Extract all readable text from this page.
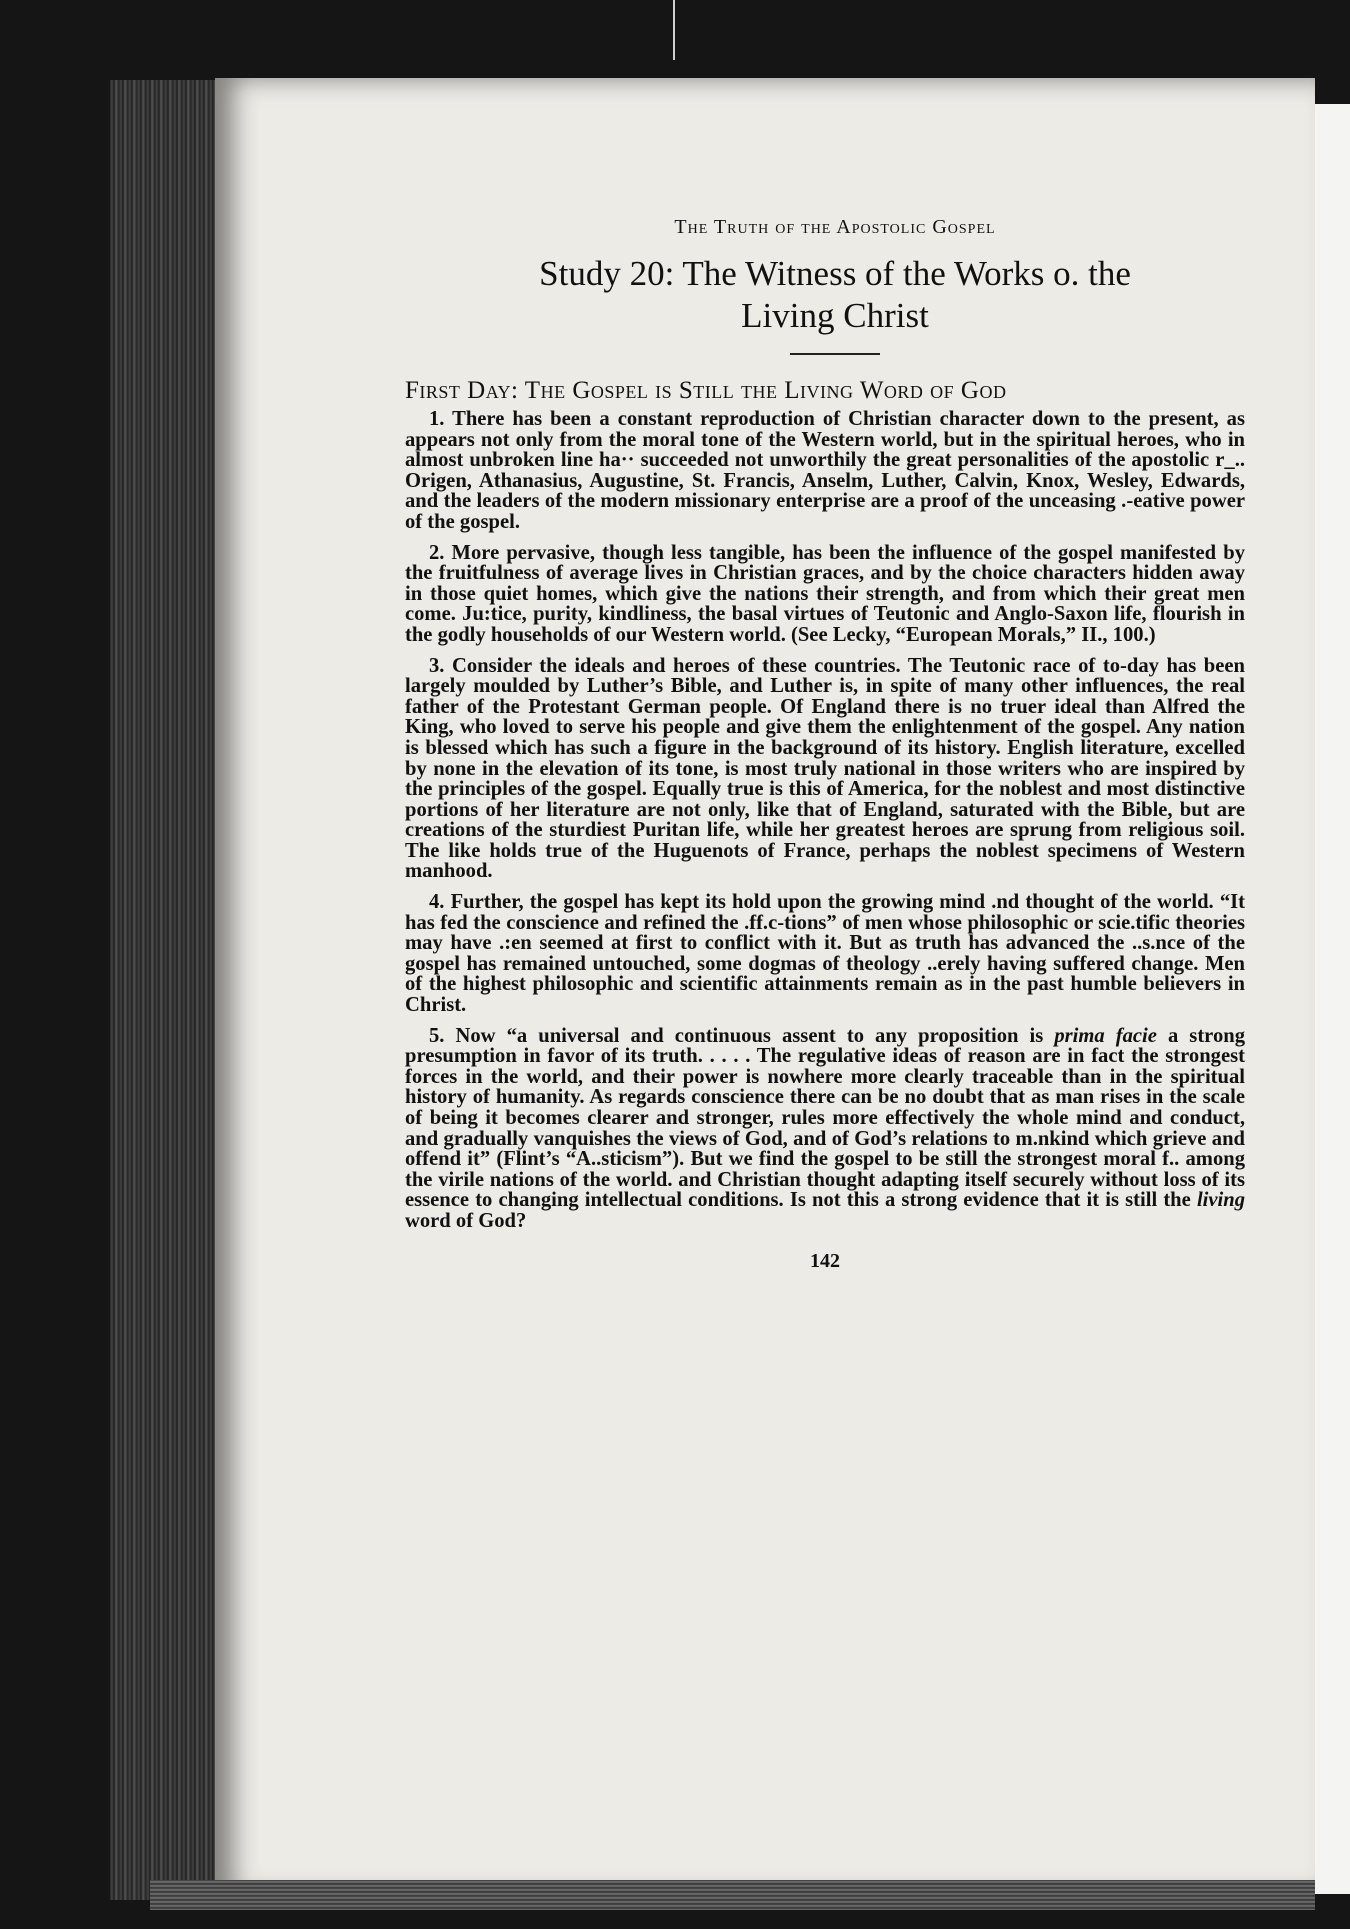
The Truth of the Apostolic Gospel
Study 20: The Witness of the Works o. the
Living Christ
First Day: The Gospel is Still the Living Word of God

1. There has been a constant reproduction of Christian character down to the present, as appears not only from the moral tone of the Western world, but in the spiritual heroes, who in almost unbroken line ha·· succeeded not unworthily the great personalities of the apostolic r_.. Origen, Athanasius, Augustine, St. Francis, Anselm, Luther, Calvin, Knox, Wesley, Edwards, and the leaders of the modern missionary enterprise are a proof of the unceasing .-eative power of the gospel.

2. More pervasive, though less tangible, has been the influence of the gospel manifested by the fruitfulness of average lives in Christian graces, and by the choice characters hidden away in those quiet homes, which give the nations their strength, and from which their great men come. Ju:tice, purity, kindliness, the basal virtues of Teutonic and Anglo-Saxon life, flourish in the godly households of our Western world. (See Lecky, “European Morals,” II., 100.)

3. Consider the ideals and heroes of these countries. The Teutonic race of to-day has been largely moulded by Luther’s Bible, and Luther is, in spite of many other influences, the real father of the Protestant German people. Of England there is no truer ideal than Alfred the King, who loved to serve his people and give them the enlightenment of the gospel. Any nation is blessed which has such a figure in the background of its history. English literature, excelled by none in the elevation of its tone, is most truly national in those writers who are inspired by the principles of the gospel. Equally true is this of America, for the noblest and most distinctive portions of her literature are not only, like that of England, saturated with the Bible, but are creations of the sturdiest Puritan life, while her greatest heroes are sprung from religious soil. The like holds true of the Huguenots of France, perhaps the noblest specimens of Western manhood.

4. Further, the gospel has kept its hold upon the growing mind .nd thought of the world. “It has fed the conscience and refined the .ff.c-tions” of men whose philosophic or scie.tific theories may have .:en seemed at first to conflict with it. But as truth has advanced the ..s.nce of the gospel has remained untouched, some dogmas of theology ..erely having suffered change. Men of the highest philosophic and scientific attainments remain as in the past humble believers in Christ.

5. Now “a universal and continuous assent to any proposition is prima facie a strong presumption in favor of its truth. . . . . The regulative ideas of reason are in fact the strongest forces in the world, and their power is nowhere more clearly traceable than in the spiritual history of humanity. As regards conscience there can be no doubt that as man rises in the scale of being it becomes clearer and stronger, rules more effectively the whole mind and conduct, and gradually vanquishes the views of God, and of God’s relations to m.nkind which grieve and offend it” (Flint’s “A..sticism”). But we find the gospel to be still the strongest moral f.. among the virile nations of the world. and Christian thought adapting itself securely without loss of its essence to changing intellectual conditions. Is not this a strong evidence that it is still the living word of God?

142
